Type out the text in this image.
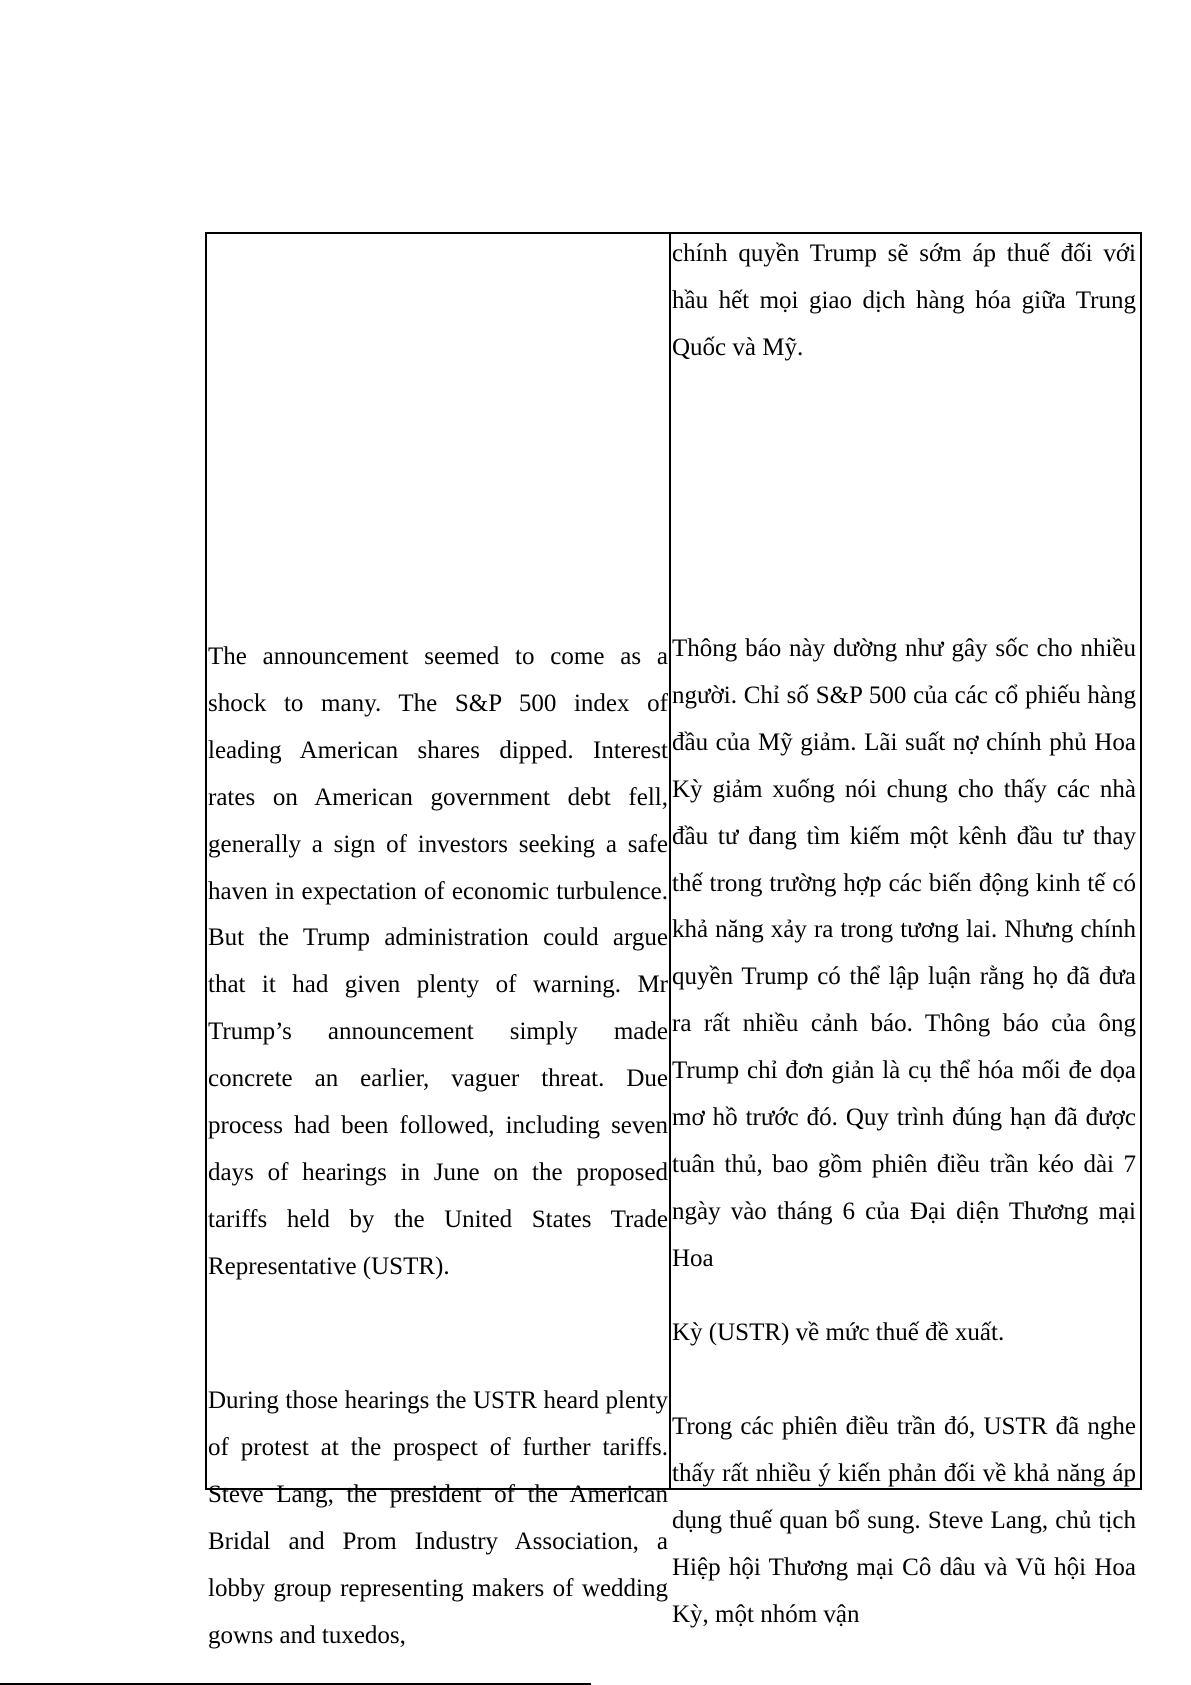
The announcement seemed to come as a shock to many. The S&P 500 index of leading American shares dipped. Interest rates on American government debt fell, generally a sign of investors seeking a safe haven in expectation of economic turbulence. But the Trump administration could argue that it had given plenty of warning. Mr Trump’s announcement simply made concrete an earlier, vaguer threat. Due process had been followed, including seven days of hearings in June on the proposed tariffs held by the United States Trade Representative (USTR).
During those hearings the USTR heard plenty of protest at the prospect of further tariffs. Steve Lang, the president of the American Bridal and Prom Industry Association, a lobby group representing makers of wedding gowns and tuxedos,
chính quyền Trump sẽ sớm áp thuế đối với hầu hết mọi giao dịch hàng hóa giữa Trung Quốc và Mỹ.
Thông báo này dường như gây sốc cho nhiều người. Chỉ số S&P 500 của các cổ phiếu hàng đầu của Mỹ giảm. Lãi suất nợ chính phủ Hoa Kỳ giảm xuống nói chung cho thấy các nhà đầu tư đang tìm kiếm một kênh đầu tư thay thế trong trường hợp các biến động kinh tế có khả năng xảy ra trong tương lai. Nhưng chính quyền Trump có thể lập luận rằng họ đã đưa ra rất nhiều cảnh báo. Thông báo của ông Trump chỉ đơn giản là cụ thể hóa mối đe dọa mơ hồ trước đó. Quy trình đúng hạn đã được tuân thủ, bao gồm phiên điều trần kéo dài 7 ngày vào tháng 6 của Đại diện Thương mại Hoa
Kỳ (USTR) về mức thuế đề xuất.
Trong các phiên điều trần đó, USTR đã nghe thấy rất nhiều ý kiến phản đối về khả năng áp dụng thuế quan bổ sung. Steve Lang, chủ tịch Hiệp hội Thương mại Cô dâu và Vũ hội Hoa Kỳ, một nhóm vận
